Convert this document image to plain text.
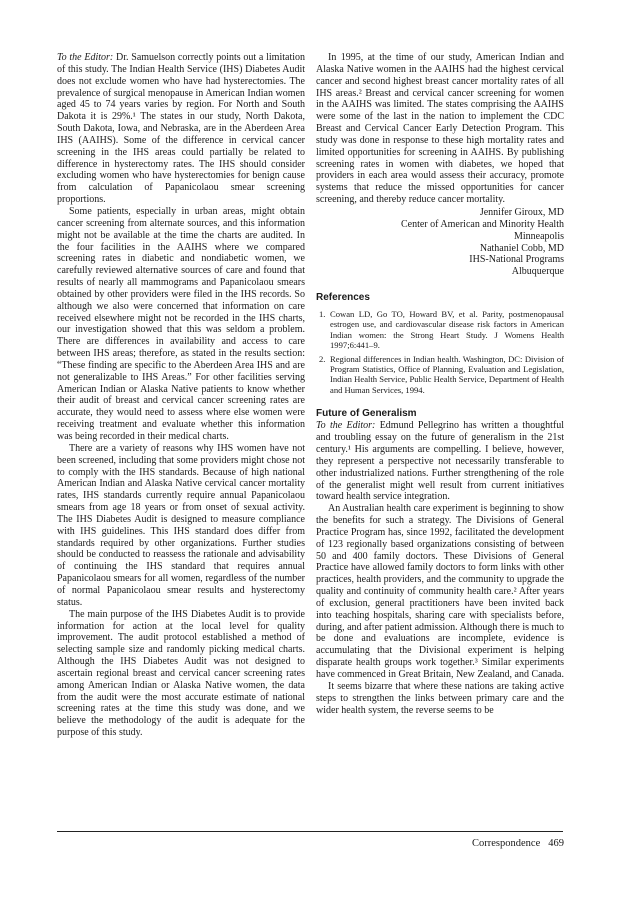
To the Editor: Dr. Samuelson correctly points out a limitation of this study. The Indian Health Service (IHS) Diabetes Audit does not exclude women who have had hysterectomies. The prevalence of surgical menopause in American Indian women aged 45 to 74 years varies by region. For North and South Dakota it is 29%.¹ The states in our study, North Dakota, South Dakota, Iowa, and Nebraska, are in the Aberdeen Area IHS (AAIHS). Some of the difference in cervical cancer screening in the IHS areas could partially be related to difference in hysterectomy rates. The IHS should consider excluding women who have hysterectomies for benign cause from calculation of Papanicolaou smear screening proportions.

Some patients, especially in urban areas, might obtain cancer screening from alternate sources, and this information might not be available at the time the charts are audited. In the four facilities in the AAIHS where we compared screening rates in diabetic and nondiabetic women, we carefully reviewed alternative sources of care and found that results of nearly all mammograms and Papanicolaou smears obtained by other providers were filed in the IHS records. So although we also were concerned that information on care received elsewhere might not be recorded in the IHS charts, our investigation showed that this was seldom a problem. There are differences in availability and access to care between IHS areas; therefore, as stated in the results section: “These finding are specific to the Aberdeen Area IHS and are not generalizable to IHS Areas.” For other facilities serving American Indian or Alaska Native patients to know whether their audit of breast and cervical cancer screening rates are accurate, they would need to assess where else women were receiving treatment and evaluate whether this information was being recorded in their medical charts.

There are a variety of reasons why IHS women have not been screened, including that some providers might chose not to comply with the IHS standards. Because of high national American Indian and Alaska Native cervical cancer mortality rates, IHS standards currently require annual Papanicolaou smears from age 18 years or from onset of sexual activity. The IHS Diabetes Audit is designed to measure compliance with IHS guidelines. This IHS standard does differ from standards required by other organizations. Further studies should be conducted to reassess the rationale and advisability of continuing the IHS standard that requires annual Papanicolaou smears for all women, regardless of the number of normal Papanicolaou smear results and hysterectomy status.

The main purpose of the IHS Diabetes Audit is to provide information for action at the local level for quality improvement. The audit protocol established a method of selecting sample size and randomly picking medical charts. Although the IHS Diabetes Audit was not designed to ascertain regional breast and cervical cancer screening rates among American Indian or Alaska Native women, the data from the audit were the most accurate estimate of national screening rates at the time this study was done, and we believe the methodology of the audit is adequate for the purpose of this study.

In 1995, at the time of our study, American Indian and Alaska Native women in the AAIHS had the highest cervical cancer and second highest breast cancer mortality rates of all IHS areas.² Breast and cervical cancer screening for women in the AAIHS was limited. The states comprising the AAIHS were some of the last in the nation to implement the CDC Breast and Cervical Cancer Early Detection Program. This study was done in response to these high mortality rates and limited opportunities for screening in AAIHS. By publishing screening rates in women with diabetes, we hoped that providers in each area would assess their accuracy, promote systems that reduce the missed opportunities for cancer screening, and thereby reduce cancer mortality.

Jennifer Giroux, MD

Center of American and Minority Health

Minneapolis

Nathaniel Cobb, MD

IHS-National Programs

Albuquerque

References
1. Cowan LD, Go TO, Howard BV, et al. Parity, postmenopausal estrogen use, and cardiovascular disease risk factors in American Indian women: the Strong Heart Study. J Womens Health 1997;6:441–9.
2. Regional differences in Indian health. Washington, DC: Division of Program Statistics, Office of Planning, Evaluation and Legislation, Indian Health Service, Public Health Service, Department of Health and Human Services, 1994.
Future of Generalism

To the Editor: Edmund Pellegrino has written a thoughtful and troubling essay on the future of generalism in the 21st century.¹ His arguments are compelling. I believe, however, they represent a perspective not necessarily transferable to other industrialized nations. Further strengthening of the role of the generalist might well result from current initiatives toward health service integration.

An Australian health care experiment is beginning to show the benefits for such a strategy. The Divisions of General Practice Program has, since 1992, facilitated the development of 123 regionally based organizations consisting of between 50 and 400 family doctors. These Divisions of General Practice have allowed family doctors to form links with other practices, health providers, and the community to upgrade the quality and continuity of community health care.² After years of exclusion, general practitioners have been invited back into teaching hospitals, sharing care with specialists before, during, and after patient admission. Although there is much to be done and evaluations are incomplete, evidence is accumulating that the Divisional experiment is helping disparate health groups work together.³ Similar experiments have commenced in Great Britain, New Zealand, and Canada.

It seems bizarre that where these nations are taking active steps to strengthen the links between primary care and the wider health system, the reverse seems to be

Correspondence 469
